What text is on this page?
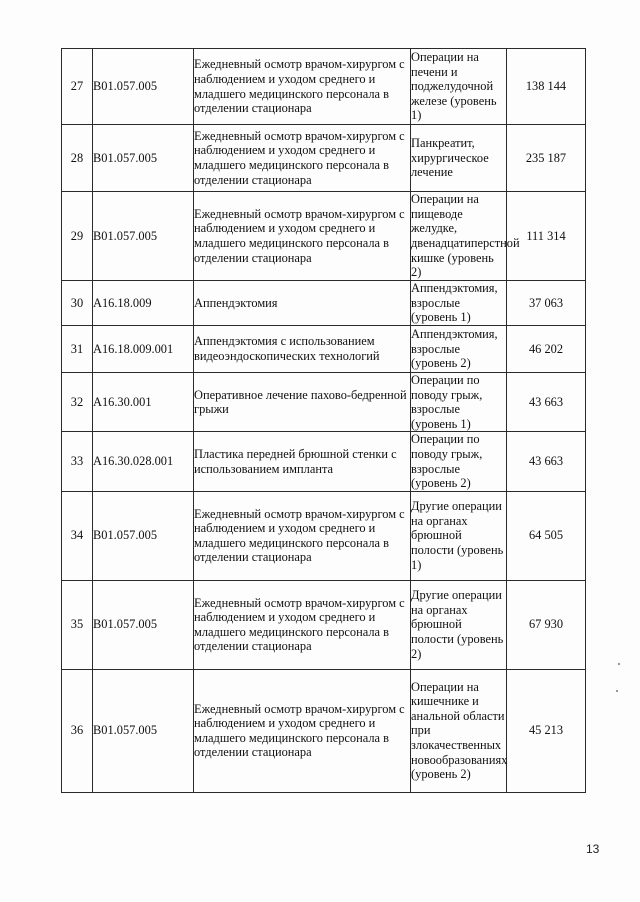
27	B01.057.005	Ежедневный осмотр врачом-хирургом с наблюдением и уходом среднего и младшего медицинского персонала в отделении стационара	Операции на печени и поджелудочной железе (уровень 1)	138 144
28	B01.057.005	Ежедневный осмотр врачом-хирургом с наблюдением и уходом среднего и младшего медицинского персонала в отделении стационара	Панкреатит, хирургическое лечение	235 187
29	B01.057.005	Ежедневный осмотр врачом-хирургом с наблюдением и уходом среднего и младшего медицинского персонала в отделении стационара	Операции на пищеводе желудке, двенадцатиперстной кишке (уровень 2)	111 314
30	A16.18.009	Аппендэктомия	Аппендэктомия, взрослые (уровень 1)	37 063
31	A16.18.009.001	Аппендэктомия с использованием видеоэндоскопических технологий	Аппендэктомия, взрослые (уровень 2)	46 202
32	A16.30.001	Оперативное лечение пахово-бедренной грыжи	Операции по поводу грыж, взрослые (уровень 1)	43 663
33	A16.30.028.001	Пластика передней брюшной стенки с использованием импланта	Операции по поводу грыж, взрослые (уровень 2)	43 663
34	B01.057.005	Ежедневный осмотр врачом-хирургом с наблюдением и уходом среднего и младшего медицинского персонала в отделении стационара	Другие операции на органах брюшной полости (уровень 1)	64 505
35	B01.057.005	Ежедневный осмотр врачом-хирургом с наблюдением и уходом среднего и младшего медицинского персонала в отделении стационара	Другие операции на органах брюшной полости (уровень 2)	67 930
36	B01.057.005	Ежедневный осмотр врачом-хирургом с наблюдением и уходом среднего и младшего медицинского персонала в отделении стационара	Операции на кишечнике и анальной области при злокачественных новообразованиях (уровень 2)	45 213
13
